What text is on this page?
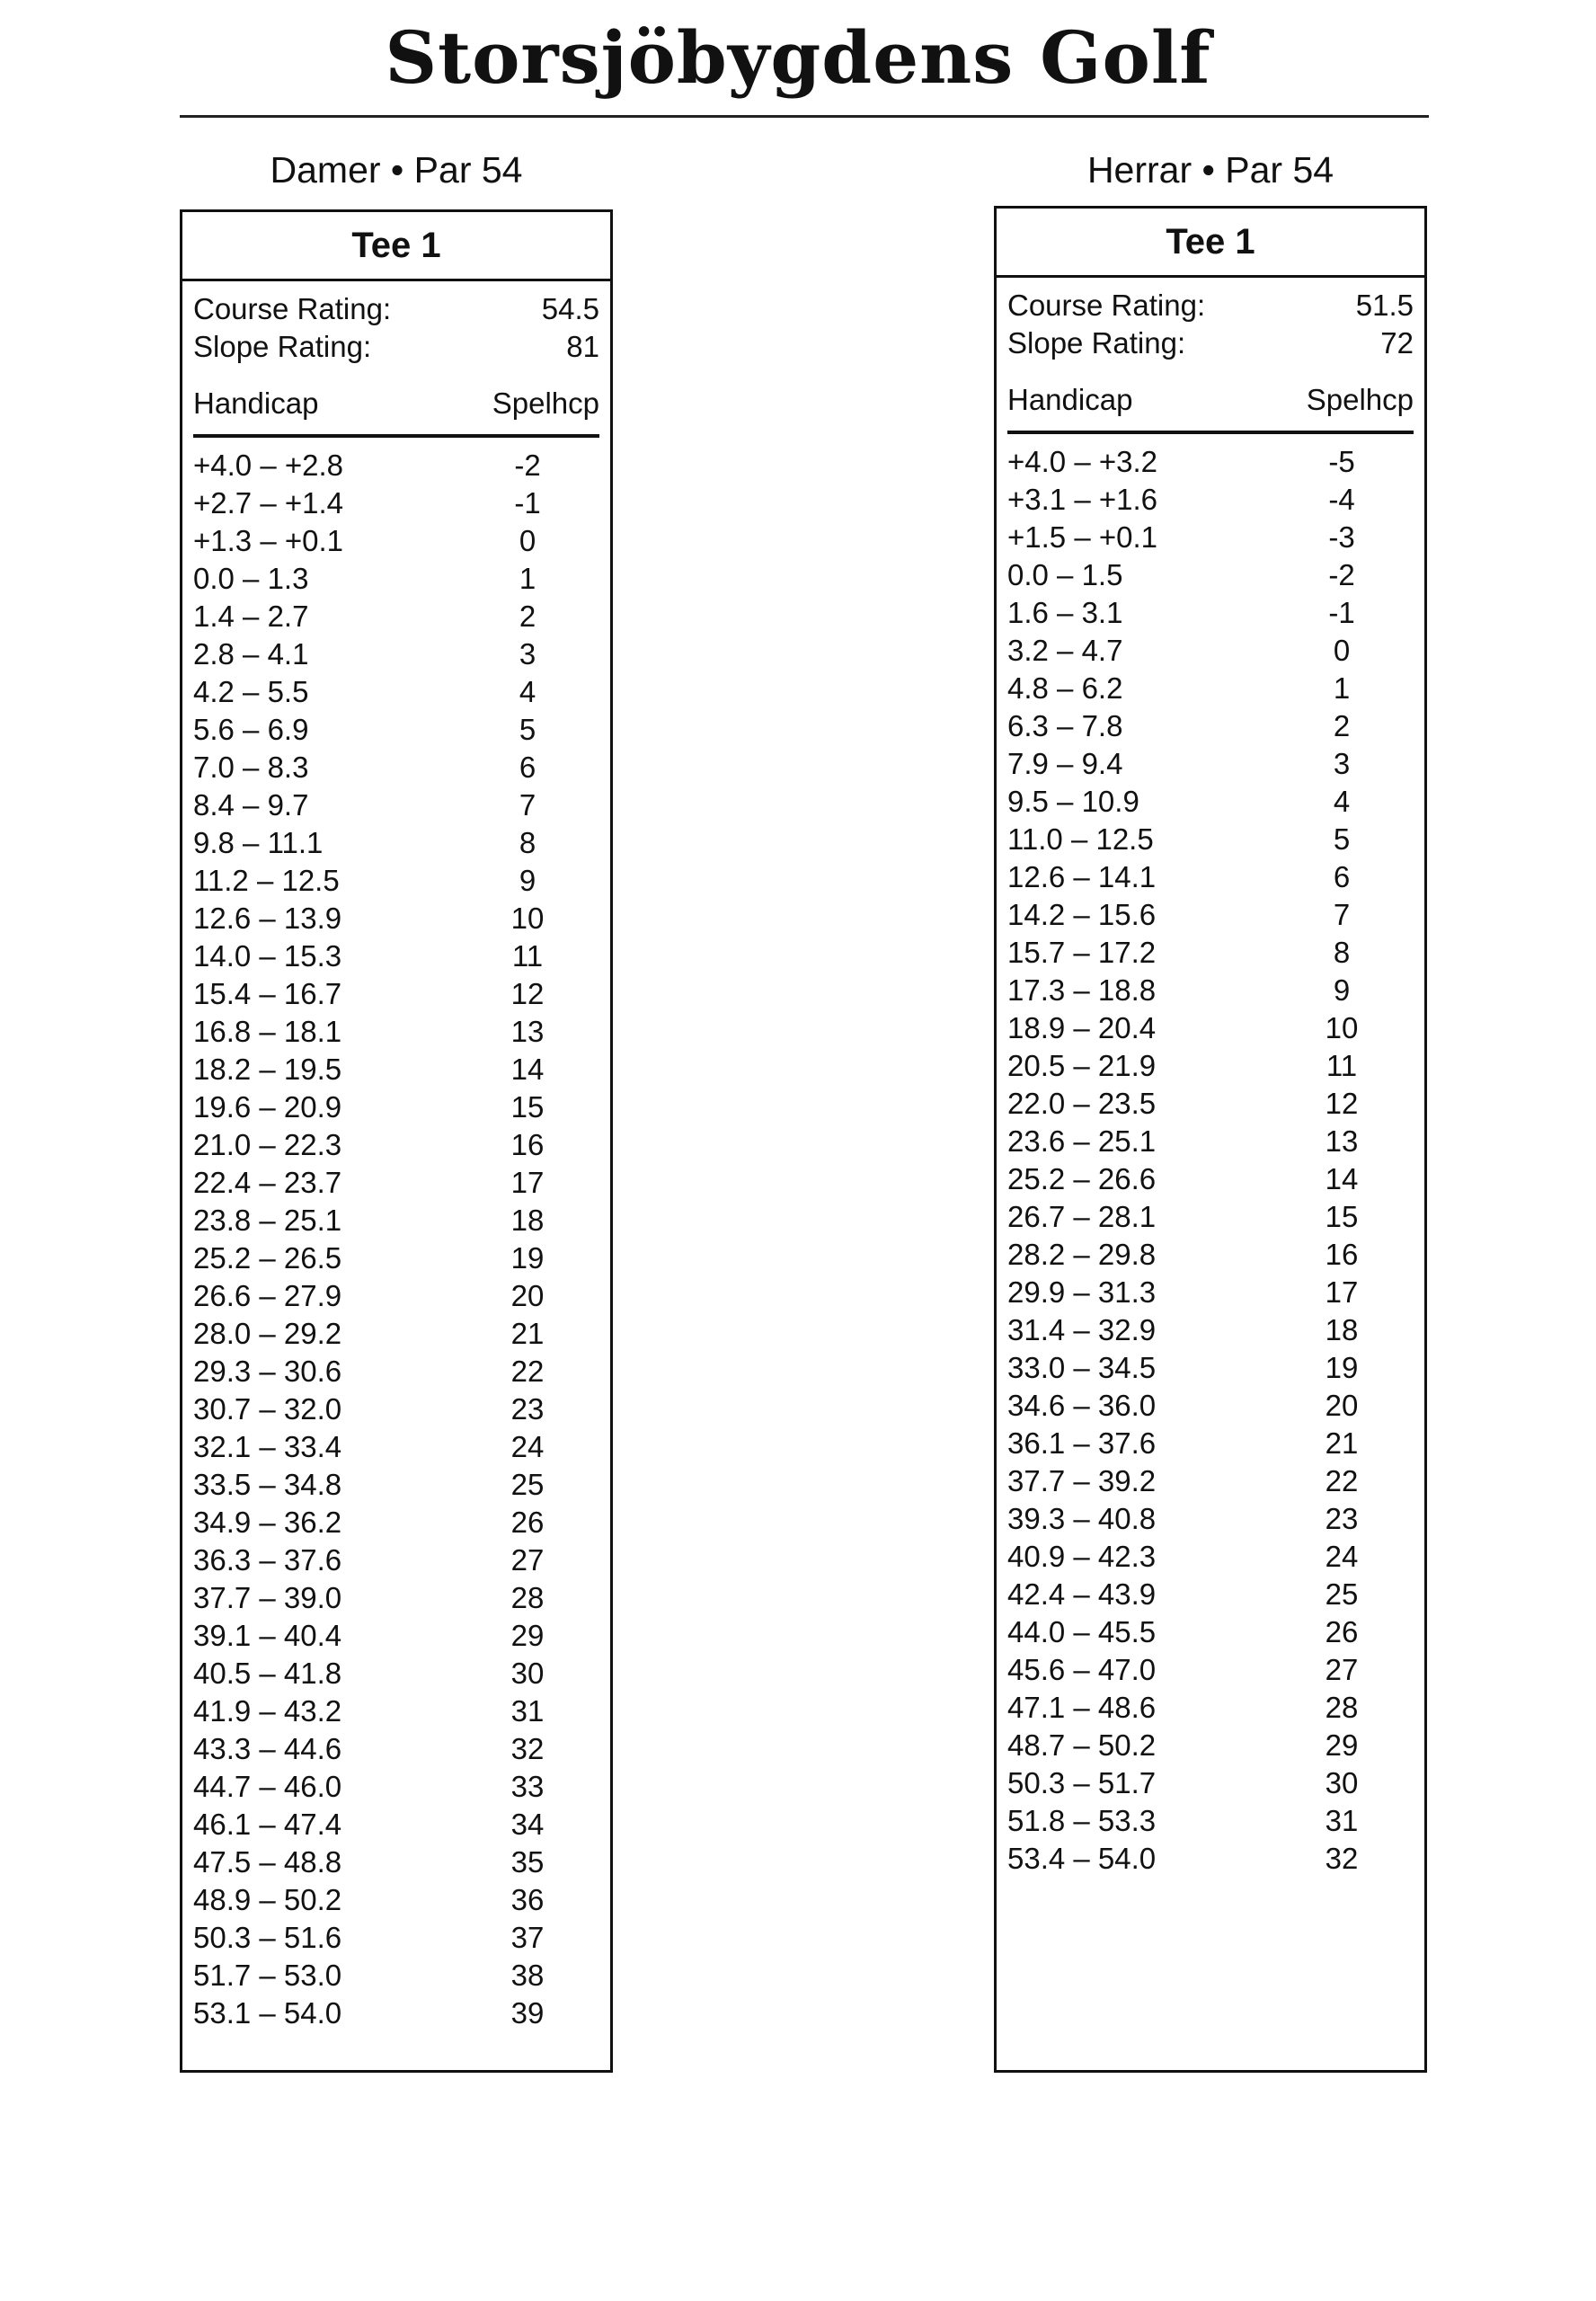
Storsjöbygdens Golf
Damer • Par 54
Tee 1
Course Rating:	54.5
Slope Rating:	81
Handicap	Spelhcp
+4.0 – +2.8	-2
+2.7 – +1.4	-1
+1.3 – +0.1	0
0.0 – 1.3	1
1.4 – 2.7	2
2.8 – 4.1	3
4.2 – 5.5	4
5.6 – 6.9	5
7.0 – 8.3	6
8.4 – 9.7	7
9.8 – 11.1	8
11.2 – 12.5	9
12.6 – 13.9	10
14.0 – 15.3	11
15.4 – 16.7	12
16.8 – 18.1	13
18.2 – 19.5	14
19.6 – 20.9	15
21.0 – 22.3	16
22.4 – 23.7	17
23.8 – 25.1	18
25.2 – 26.5	19
26.6 – 27.9	20
28.0 – 29.2	21
29.3 – 30.6	22
30.7 – 32.0	23
32.1 – 33.4	24
33.5 – 34.8	25
34.9 – 36.2	26
36.3 – 37.6	27
37.7 – 39.0	28
39.1 – 40.4	29
40.5 – 41.8	30
41.9 – 43.2	31
43.3 – 44.6	32
44.7 – 46.0	33
46.1 – 47.4	34
47.5 – 48.8	35
48.9 – 50.2	36
50.3 – 51.6	37
51.7 – 53.0	38
53.1 – 54.0	39
Herrar • Par 54
Tee 1
Course Rating:	51.5
Slope Rating:	72
Handicap	Spelhcp
+4.0 – +3.2	-5
+3.1 – +1.6	-4
+1.5 – +0.1	-3
0.0 – 1.5	-2
1.6 – 3.1	-1
3.2 – 4.7	0
4.8 – 6.2	1
6.3 – 7.8	2
7.9 – 9.4	3
9.5 – 10.9	4
11.0 – 12.5	5
12.6 – 14.1	6
14.2 – 15.6	7
15.7 – 17.2	8
17.3 – 18.8	9
18.9 – 20.4	10
20.5 – 21.9	11
22.0 – 23.5	12
23.6 – 25.1	13
25.2 – 26.6	14
26.7 – 28.1	15
28.2 – 29.8	16
29.9 – 31.3	17
31.4 – 32.9	18
33.0 – 34.5	19
34.6 – 36.0	20
36.1 – 37.6	21
37.7 – 39.2	22
39.3 – 40.8	23
40.9 – 42.3	24
42.4 – 43.9	25
44.0 – 45.5	26
45.6 – 47.0	27
47.1 – 48.6	28
48.7 – 50.2	29
50.3 – 51.7	30
51.8 – 53.3	31
53.4 – 54.0	32
